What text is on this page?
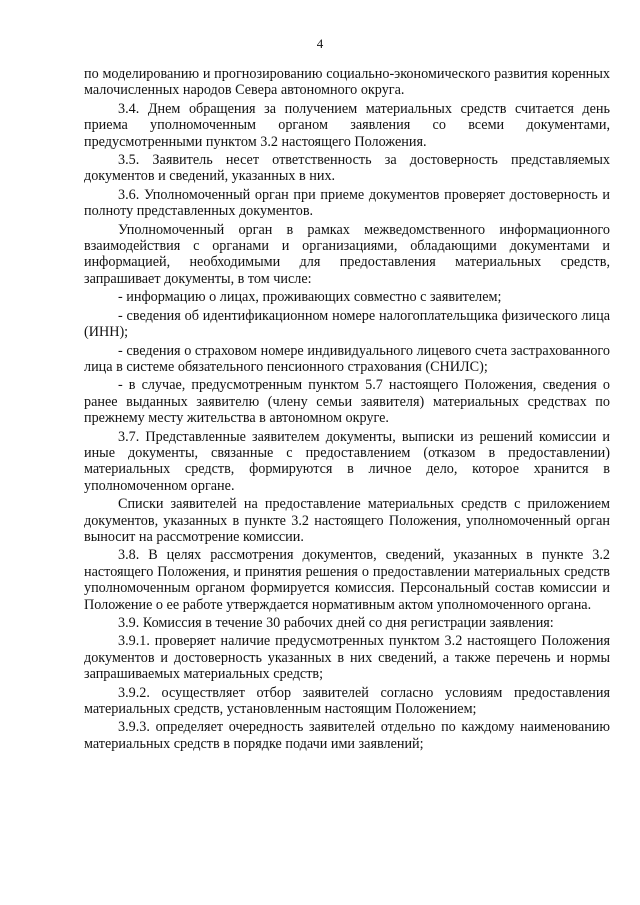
4

по моделированию и прогнозированию социально-экономического развития коренных малочисленных народов Севера автономного округа.

3.4. Днем обращения за получением материальных средств считается день приема уполномоченным органом заявления со всеми документами, предусмотренными пунктом 3.2 настоящего Положения.

3.5. Заявитель несет ответственность за достоверность представляемых документов и сведений, указанных в них.

3.6. Уполномоченный орган при приеме документов проверяет достоверность и полноту представленных документов.

Уполномоченный орган в рамках межведомственного информационного взаимодействия с органами и организациями, обладающими документами и информацией, необходимыми для предоставления материальных средств, запрашивает документы, в том числе:

- информацию о лицах, проживающих совместно с заявителем;

- сведения об идентификационном номере налогоплательщика физического лица (ИНН);

- сведения о страховом номере индивидуального лицевого счета застрахованного лица в системе обязательного пенсионного страхования (СНИЛС);

- в случае, предусмотренным пунктом 5.7 настоящего Положения, сведения о ранее выданных заявителю (члену семьи заявителя) материальных средствах по прежнему месту жительства в автономном округе.

3.7. Представленные заявителем документы, выписки из решений комиссии и иные документы, связанные с предоставлением (отказом в предоставлении) материальных средств, формируются в личное дело, которое хранится в уполномоченном органе.

Списки заявителей на предоставление материальных средств с приложением документов, указанных в пункте 3.2 настоящего Положения, уполномоченный орган выносит на рассмотрение комиссии.

3.8. В целях рассмотрения документов, сведений, указанных в пункте 3.2 настоящего Положения, и принятия решения о предоставлении материальных средств уполномоченным органом формируется комиссия. Персональный состав комиссии и Положение о ее работе утверждается нормативным актом уполномоченного органа.

3.9. Комиссия в течение 30 рабочих дней со дня регистрации заявления:

3.9.1. проверяет наличие предусмотренных пунктом 3.2 настоящего Положения документов и достоверность указанных в них сведений, а также перечень и нормы запрашиваемых материальных средств;

3.9.2. осуществляет отбор заявителей согласно условиям предоставления материальных средств, установленным настоящим Положением;

3.9.3. определяет очередность заявителей отдельно по каждому наименованию материальных средств в порядке подачи ими заявлений;
